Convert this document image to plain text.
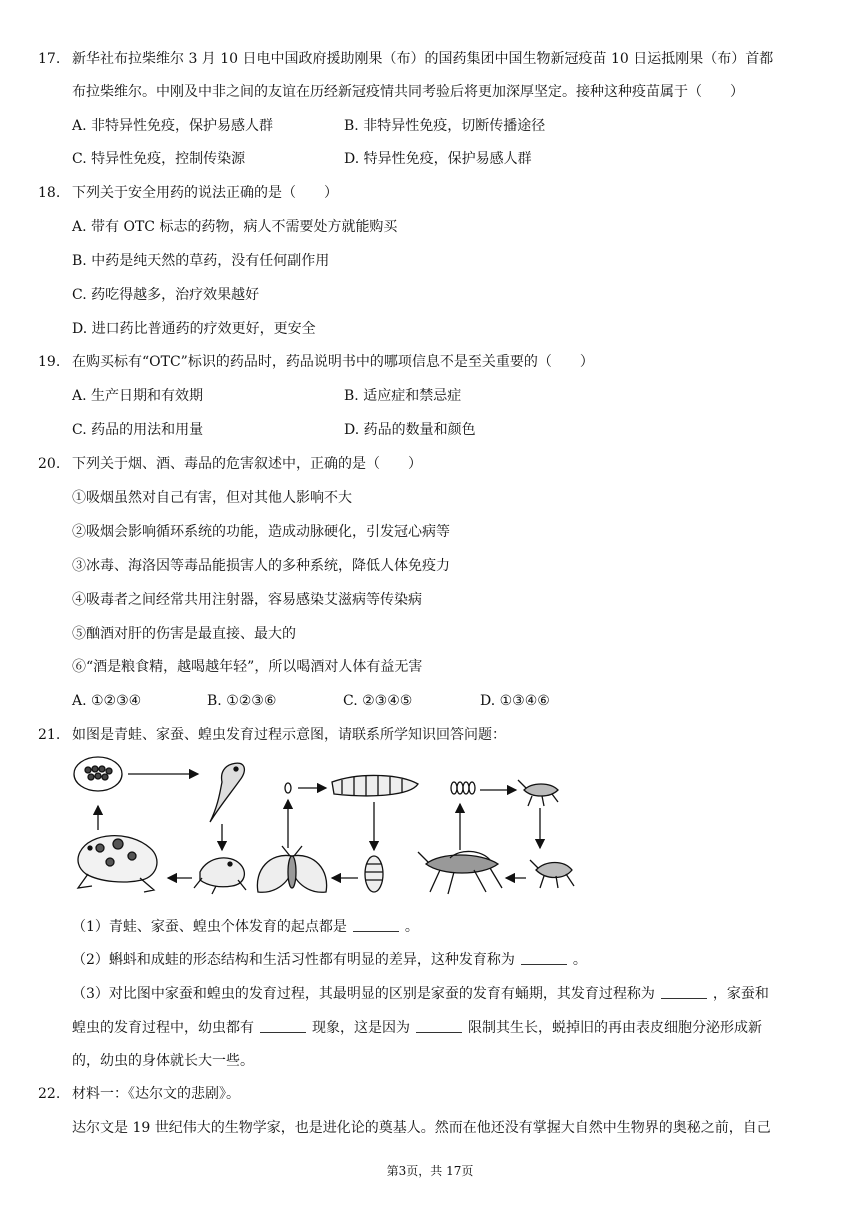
17. 新华社布拉柴维尔 3 月 10 日电中国政府援助刚果（布）的国药集团中国生物新冠疫苗 10 日运抵刚果（布）首都
布拉柴维尔。中刚及中非之间的友谊在历经新冠疫情共同考验后将更加深厚坚定。接种这种疫苗属于（　　）
A. 非特异性免疫，保护易感人群	B. 非特异性免疫，切断传播途径
C. 特异性免疫，控制传染源	D. 特异性免疫，保护易感人群
18. 下列关于安全用药的说法正确的是（　　）
A. 带有 OTC 标志的药物，病人不需要处方就能购买
B. 中药是纯天然的草药，没有任何副作用
C. 药吃得越多，治疗效果越好
D. 进口药比普通药的疗效更好，更安全
19. 在购买标有“OTC”标识的药品时，药品说明书中的哪项信息不是至关重要的（　　）
A. 生产日期和有效期	B. 适应症和禁忌症
C. 药品的用法和用量	D. 药品的数量和颜色
20. 下列关于烟、酒、毒品的危害叙述中，正确的是（　　）
①吸烟虽然对自己有害，但对其他人影响不大
②吸烟会影响循环系统的功能，造成动脉硬化，引发冠心病等
③冰毒、海洛因等毒品能损害人的多种系统，降低人体免疫力
④吸毒者之间经常共用注射器，容易感染艾滋病等传染病
⑤酗酒对肝的伤害是最直接、最大的
⑥“酒是粮食精，越喝越年轻”，所以喝酒对人体有益无害
A. ①②③④	B. ①②③⑥	C. ②③④⑤	D. ①③④⑥
21. 如图是青蛙、家蚕、蝗虫发育过程示意图，请联系所学知识回答问题：
（1）青蛙、家蚕、蝗虫个体发育的起点都是	。
（2）蝌蚪和成蛙的形态结构和生活习性都有明显的差异，这种发育称为	。
（3）对比图中家蚕和蝗虫的发育过程，其最明显的区别是家蚕的发育有蛹期，其发育过程称为	，家蚕和
蝗虫的发育过程中，幼虫都有	现象，这是因为	限制其生长，蜕掉旧的再由表皮细胞分泌形成新
的，幼虫的身体就长大一些。
22. 材料一：《达尔文的悲剧》。
达尔文是 19 世纪伟大的生物学家，也是进化论的奠基人。然而在他还没有掌握大自然中生物界的奥秘之前，自己
第3页，共 17页
